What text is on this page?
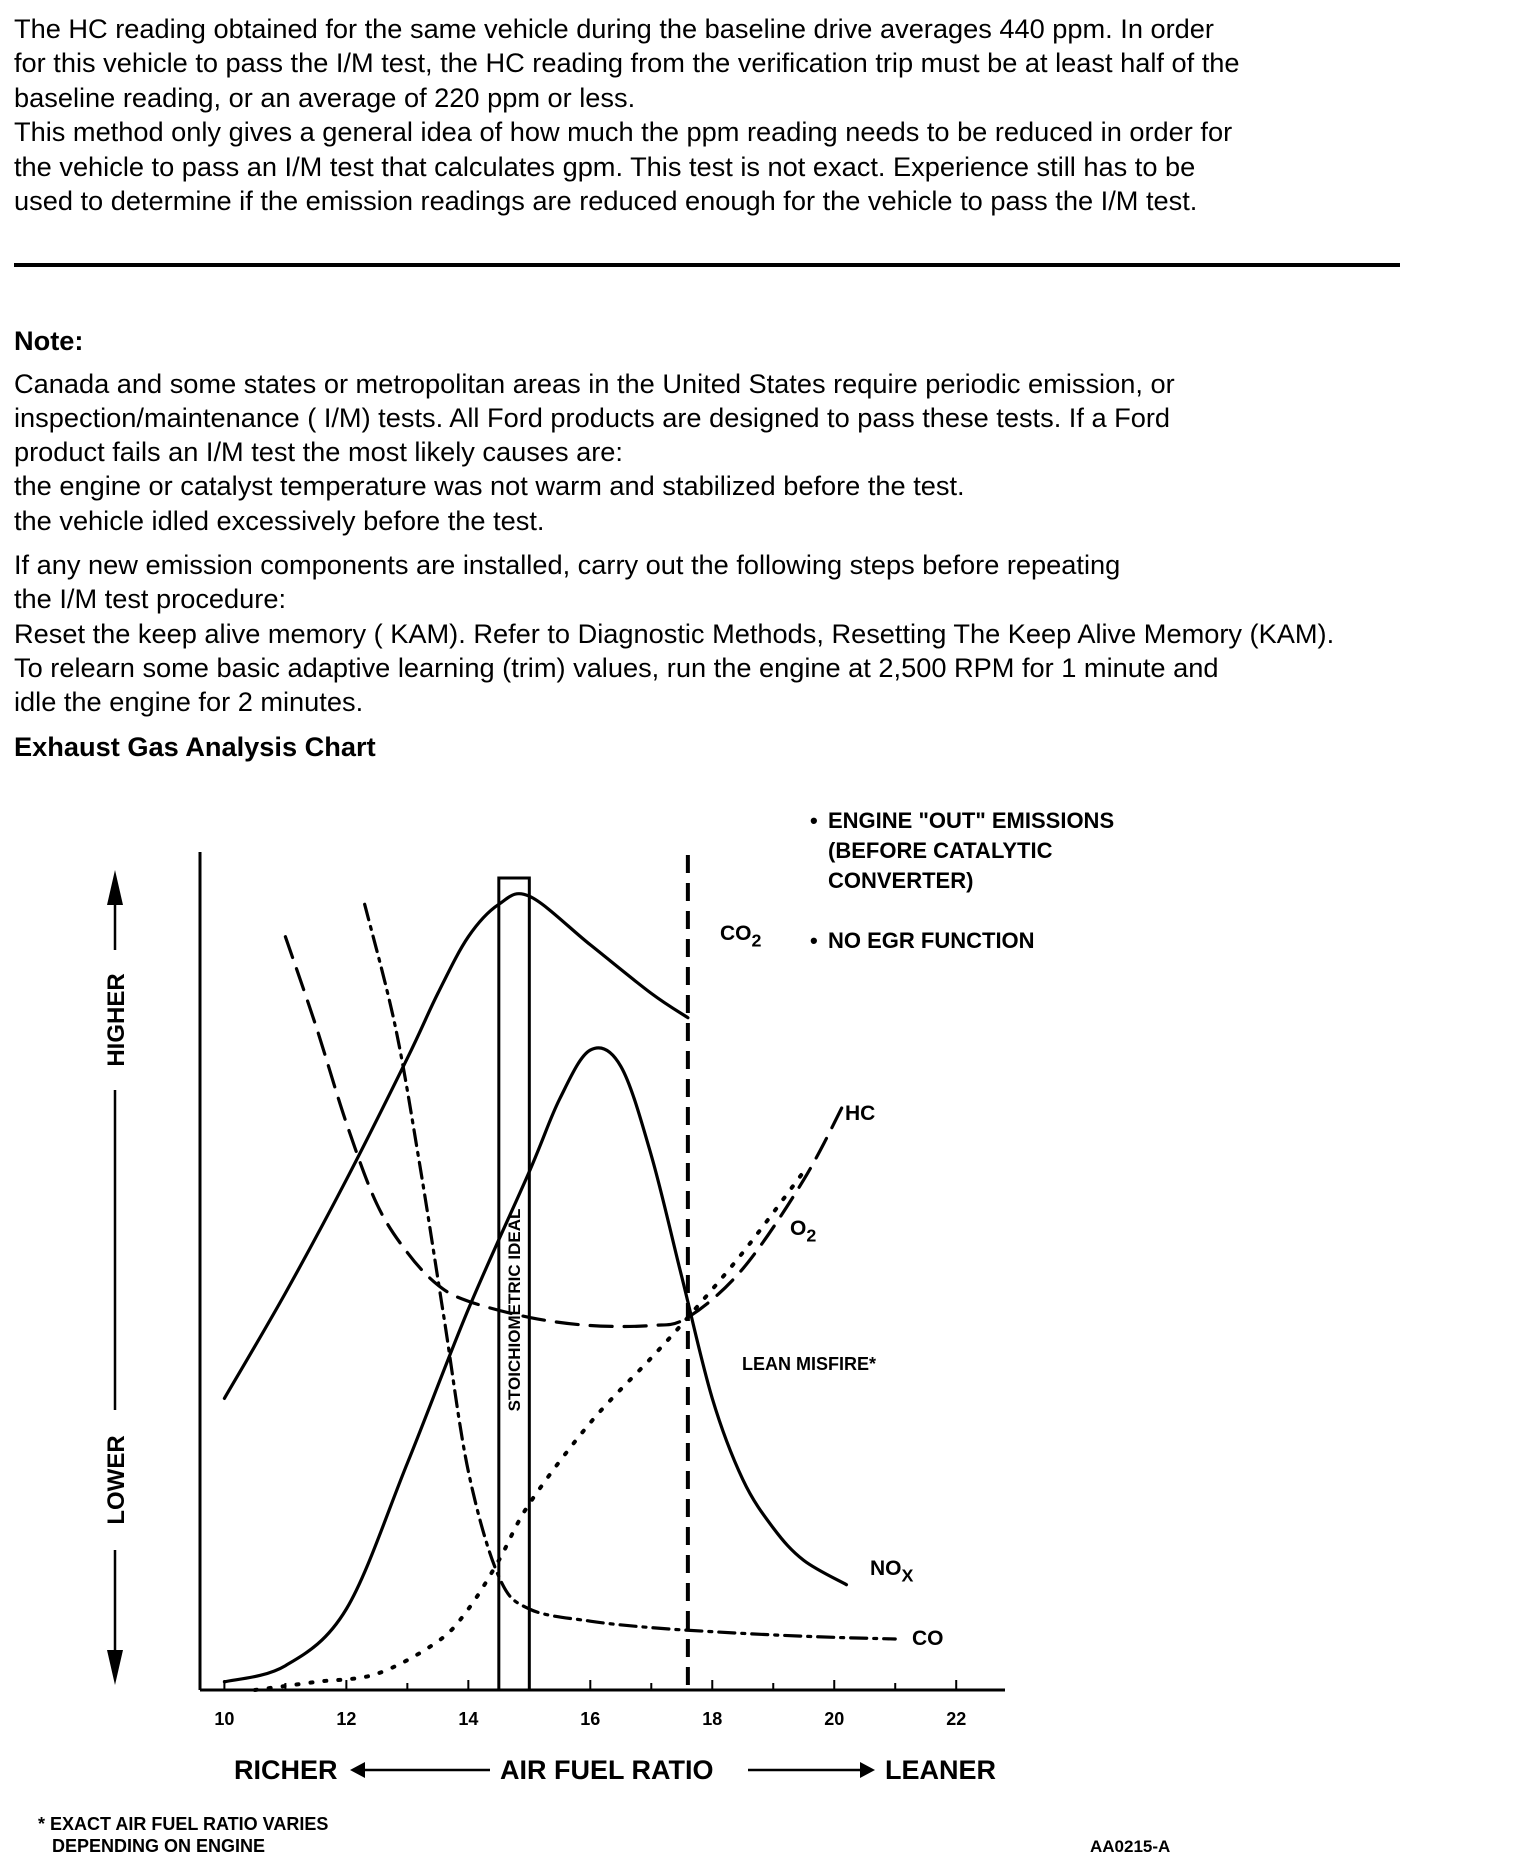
The HC reading obtained for the same vehicle during the baseline drive averages 440 ppm. In order

for this vehicle to pass the I/M test, the HC reading from the verification trip must be at least half of the

baseline reading, or an average of 220 ppm or less.

This method only gives a general idea of how much the ppm reading needs to be reduced in order for

the vehicle to pass an I/M test that calculates gpm. This test is not exact. Experience still has to be

used to determine if the emission readings are reduced enough for the vehicle to pass the I/M test.

Note:

Canada and some states or metropolitan areas in the United States require periodic emission, or

inspection/maintenance ( I/M) tests. All Ford products are designed to pass these tests. If a Ford

product fails an I/M test the most likely causes are:

the engine or catalyst temperature was not warm and stabilized before the test.

the vehicle idled excessively before the test.

If any new emission components are installed, carry out the following steps before repeating

the I/M test procedure:

Reset the keep alive memory ( KAM). Refer to Diagnostic Methods, Resetting The Keep Alive Memory (KAM).

To relearn some basic adaptive learning (trim) values, run the engine at 2,500 RPM for 1 minute and

idle the engine for 2 minutes.

Exhaust Gas Analysis Chart

STOICHIOMETRIC IDEAL
10	12	14	16	18	20	22
CO2
HC
O2
NOX
CO
LEAN MISFIRE*
• ENGINE "OUT" EMISSIONS
(BEFORE CATALYTIC
CONVERTER)
• NO EGR FUNCTION
HIGHER
LOWER
RICHER	AIR FUEL RATIO	LEANER
* EXACT AIR FUEL RATIO VARIES
DEPENDING ON ENGINE	AA0215-A
